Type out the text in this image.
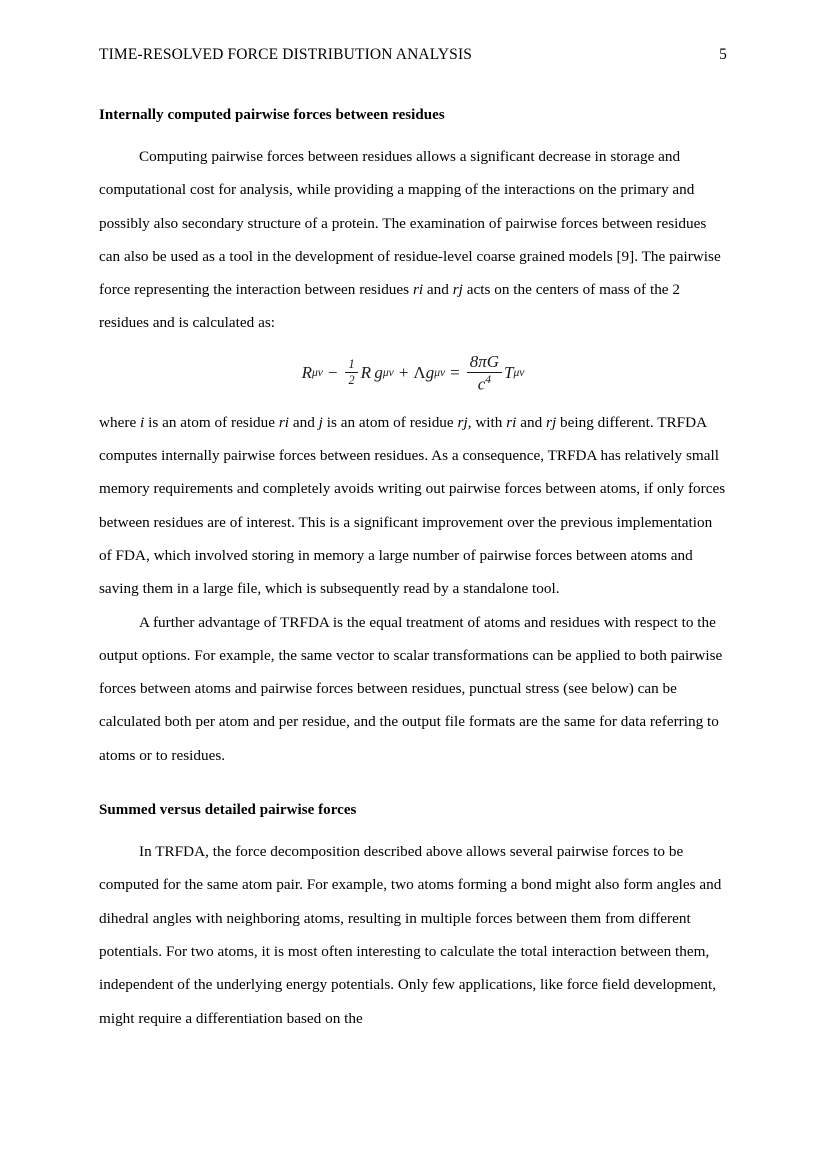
TIME-RESOLVED FORCE DISTRIBUTION ANALYSIS	5
Internally computed pairwise forces between residues

Computing pairwise forces between residues allows a significant decrease in storage and computational cost for analysis, while providing a mapping of the interactions on the primary and possibly also secondary structure of a protein. The examination of pairwise forces between residues can also be used as a tool in the development of residue-level coarse grained models [9]. The pairwise force representing the interaction between residues ri and rj acts on the centers of mass of the 2 residues and is calculated as:

R $\mu\nu - \frac{1}{2}$ R
  g μν + Λ g $\mu\nu = \frac{8\pi G}{c4}$ T μν

where i is an atom of residue ri and j is an atom of residue rj, with ri and rj being different. TRFDA computes internally pairwise forces between residues. As a consequence, TRFDA has relatively small memory requirements and completely avoids writing out pairwise forces between atoms, if only forces between residues are of interest. This is a significant improvement over the previous implementation of FDA, which involved storing in memory a large number of pairwise forces between atoms and saving them in a large file, which is subsequently read by a standalone tool.

A further advantage of TRFDA is the equal treatment of atoms and residues with respect to the output options. For example, the same vector to scalar transformations can be applied to both pairwise forces between atoms and pairwise forces between residues, punctual stress (see below) can be calculated both per atom and per residue, and the output file formats are the same for data referring to atoms or to residues.

Summed versus detailed pairwise forces

In TRFDA, the force decomposition described above allows several pairwise forces to be computed for the same atom pair. For example, two atoms forming a bond might also form angles and dihedral angles with neighboring atoms, resulting in multiple forces between them from different potentials. For two atoms, it is most often interesting to calculate the total interaction between them, independent of the underlying energy potentials. Only few applications, like force field development, might require a differentiation based on the
